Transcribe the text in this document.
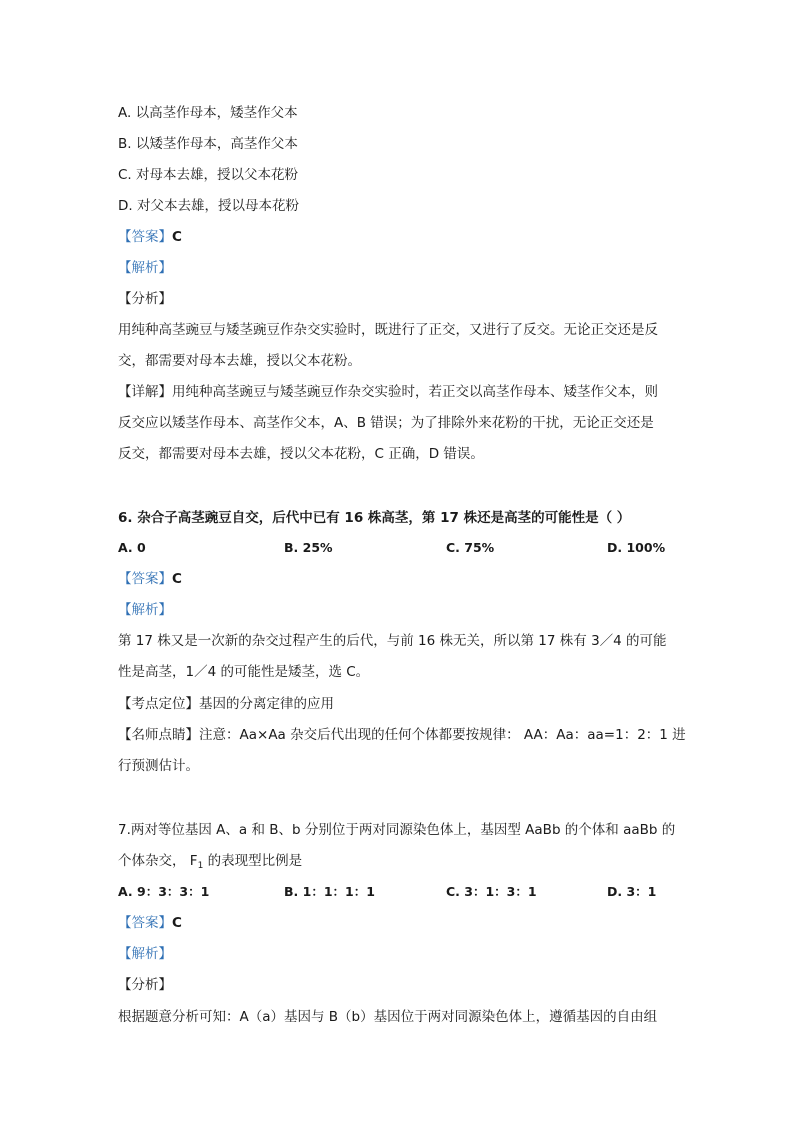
A. 以高茎作母本，矮茎作父本
B. 以矮茎作母本，高茎作父本
C. 对母本去雄，授以父本花粉
D. 对父本去雄，授以母本花粉
【答案】C
【解析】
【分析】
用纯种高茎豌豆与矮茎豌豆作杂交实验时，既进行了正交，又进行了反交。无论正交还是反
交，都需要对母本去雄，授以父本花粉。
【详解】用纯种高茎豌豆与矮茎豌豆作杂交实验时，若正交以高茎作母本、矮茎作父本，则
反交应以矮茎作母本、高茎作父本，A、B 错误；为了排除外来花粉的干扰，无论正交还是
反交，都需要对母本去雄，授以父本花粉，C 正确，D 错误。
6. 杂合子高茎豌豆自交，后代中已有 16 株高茎，第 17 株还是高茎的可能性是（ ）
A. 0	B. 25%	C. 75%	D. 100%
【答案】C
【解析】
第 17 株又是一次新的杂交过程产生的后代，与前 16 株无关，所以第 17 株有 3／4 的可能
性是高茎，1／4 的可能性是矮茎，选 C。
【考点定位】基因的分离定律的应用
【名师点睛】注意：Aa×Aa 杂交后代出现的任何个体都要按规律： AA：Aa：aa=1：2：1 进
行预测估计。
7.两对等位基因 A、a 和 B、b 分别位于两对同源染色体上，基因型 AaBb 的个体和 aaBb 的
个体杂交， $F_1$ 的表现型比例是
A. 9：3：3：1	B. 1：1：1：1	C. 3：1：3：1	D. 3：1
【答案】C
【解析】
【分析】
根据题意分析可知：A（a）基因与 B（b）基因位于两对同源染色体上，遵循基因的自由组
